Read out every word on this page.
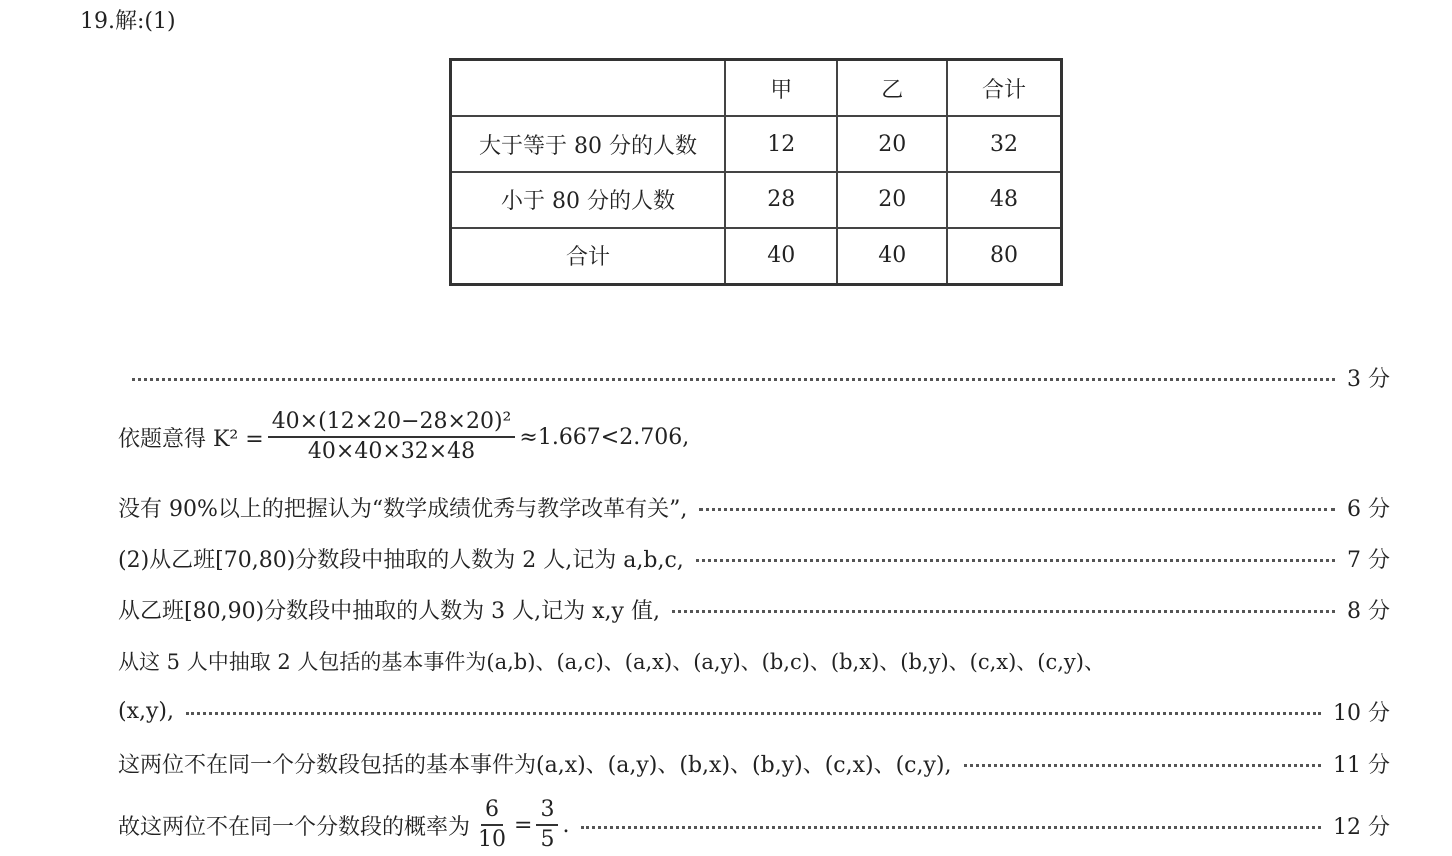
19.解:(1)
	甲	乙	合计
大于等于 80 分的人数	12	20	32
小于 80 分的人数	28	20	48
合计	40	40	80
3 分
依题意得 $K^2 = \frac{\text{40×(12×20−28×20)²}}{40\times 40\times 32\times 48} \approx 1.667<2.706$,
没有 90%以上的把握认为“数学成绩优秀与教学改革有关”,	6 分
(2)从乙班[70,80)分数段中抽取的人数为 2 人,记为 a,b,c,	7 分
从乙班[80,90)分数段中抽取的人数为 3 人,记为 x,y 值,	8 分
从这 5 人中抽取 2 人包括的基本事件为(a,b)、(a,c)、(a,x)、(a,y)、(b,c)、(b,x)、(b,y)、(c,x)、(c,y)、
(x,y),	10 分
这两位不在同一个分数段包括的基本事件为(a,x)、(a,y)、(b,x)、(b,y)、(c,x)、(c,y),	11 分
故这两位不在同一个分数段的概率为 $\frac{6}{10} = \frac{3}{5}$ .	12 分
